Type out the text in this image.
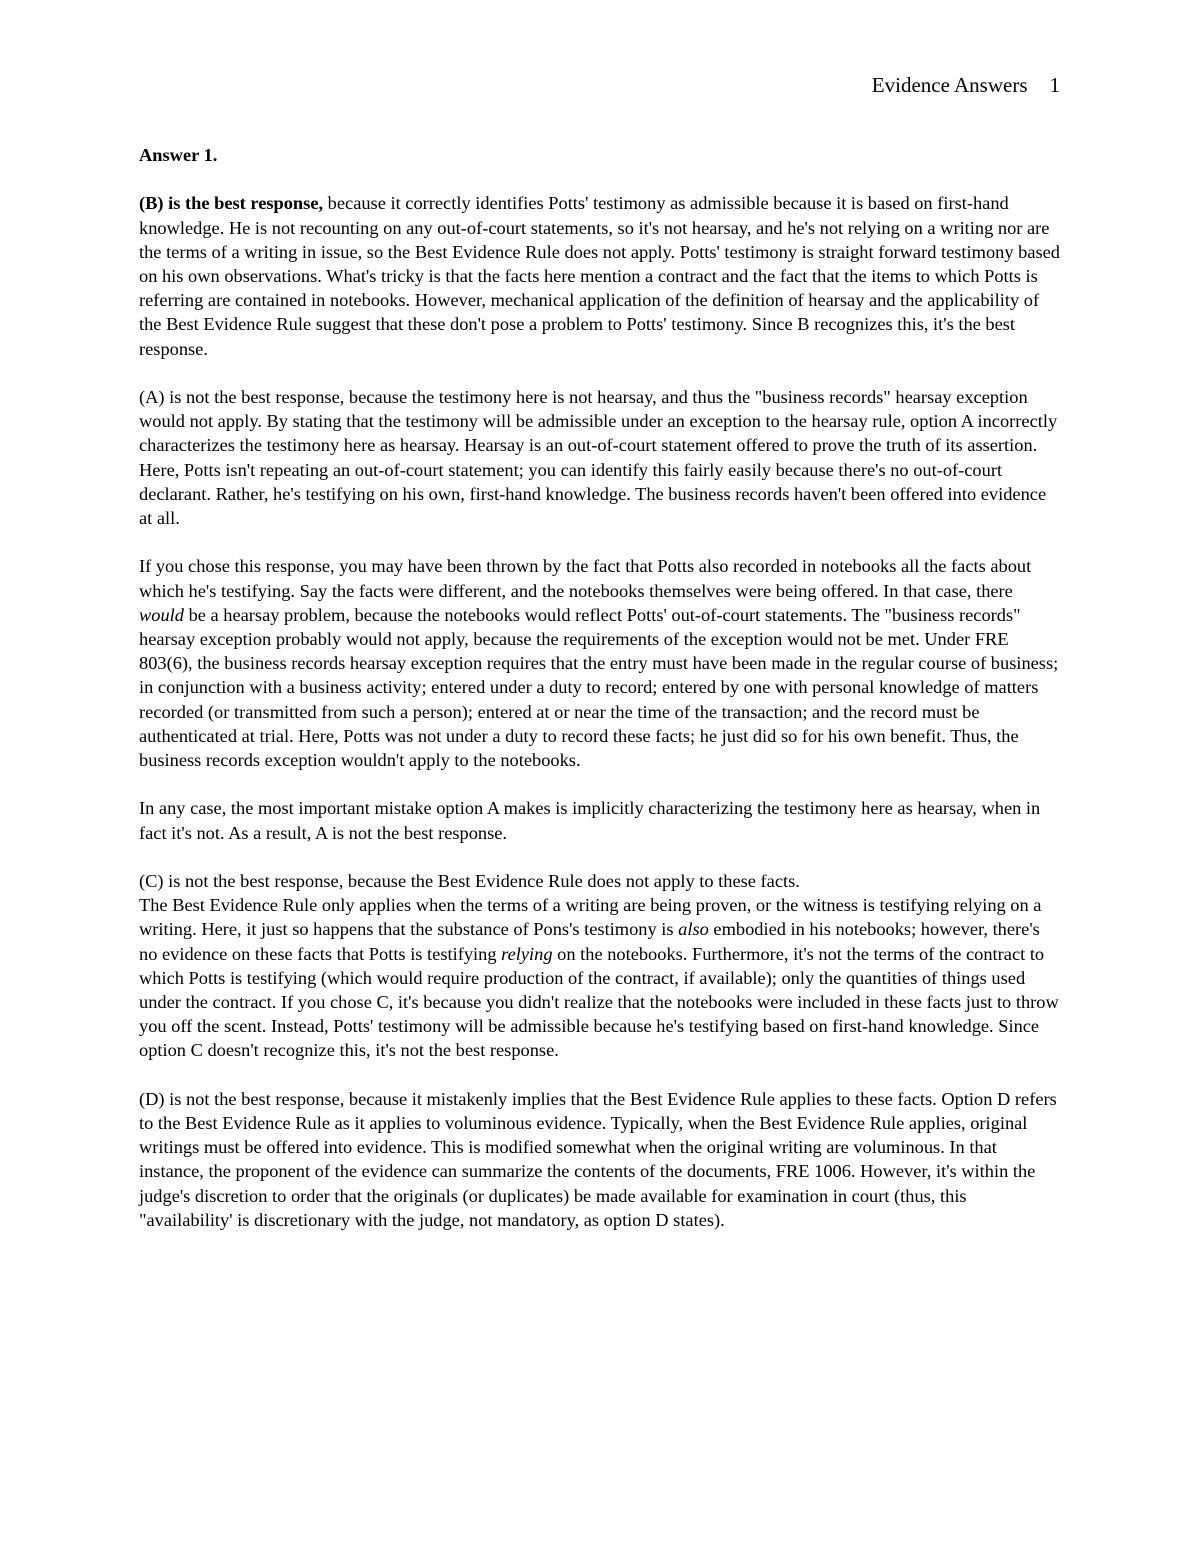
Evidence Answers 1

Answer 1.

(B) is the best response, because it correctly identifies Potts' testimony as admissible because it is based on first-hand knowledge. He is not recounting on any out-of-court statements, so it's not hearsay, and he's not relying on a writing nor are the terms of a writing in issue, so the Best Evidence Rule does not apply. Potts' testimony is straight forward testimony based on his own observations. What's tricky is that the facts here mention a contract and the fact that the items to which Potts is referring are contained in notebooks. However, mechanical application of the definition of hearsay and the applicability of the Best Evidence Rule suggest that these don't pose a problem to Potts' testimony. Since B recognizes this, it's the best response.

(A) is not the best response, because the testimony here is not hearsay, and thus the "business records" hearsay exception would not apply. By stating that the testimony will be admissible under an exception to the hearsay rule, option A incorrectly characterizes the testimony here as hearsay. Hearsay is an out-of-court statement offered to prove the truth of its assertion. Here, Potts isn't repeating an out-of-court statement; you can identify this fairly easily because there's no out-of-court declarant. Rather, he's testifying on his own, first-hand knowledge. The business records haven't been offered into evidence at all.

If you chose this response, you may have been thrown by the fact that Potts also recorded in notebooks all the facts about which he's testifying. Say the facts were different, and the notebooks themselves were being offered. In that case, there would be a hearsay problem, because the notebooks would reflect Potts' out-of-court statements. The "business records" hearsay exception probably would not apply, because the requirements of the exception would not be met. Under FRE 803(6), the business records hearsay exception requires that the entry must have been made in the regular course of business; in conjunction with a business activity; entered under a duty to record; entered by one with personal knowledge of matters recorded (or transmitted from such a person); entered at or near the time of the transaction; and the record must be authenticated at trial. Here, Potts was not under a duty to record these facts; he just did so for his own benefit. Thus, the business records exception wouldn't apply to the notebooks.

In any case, the most important mistake option A makes is implicitly characterizing the testimony here as hearsay, when in fact it's not. As a result, A is not the best response.

(C) is not the best response, because the Best Evidence Rule does not apply to these facts.
The Best Evidence Rule only applies when the terms of a writing are being proven, or the witness is testifying relying on a writing. Here, it just so happens that the substance of Pons's testimony is also embodied in his notebooks; however, there's no evidence on these facts that Potts is testifying relying on the notebooks. Furthermore, it's not the terms of the contract to which Potts is testifying (which would require production of the contract, if available); only the quantities of things used under the contract. If you chose C, it's because you didn't realize that the notebooks were included in these facts just to throw you off the scent. Instead, Potts' testimony will be admissible because he's testifying based on first-hand knowledge. Since option C doesn't recognize this, it's not the best response.

(D) is not the best response, because it mistakenly implies that the Best Evidence Rule applies to these facts. Option D refers to the Best Evidence Rule as it applies to voluminous evidence. Typically, when the Best Evidence Rule applies, original writings must be offered into evidence. This is modified somewhat when the original writing are voluminous. In that instance, the proponent of the evidence can summarize the contents of the documents, FRE 1006. However, it's within the judge's discretion to order that the originals (or duplicates) be made available for examination in court (thus, this "availability' is discretionary with the judge, not mandatory, as option D states).
